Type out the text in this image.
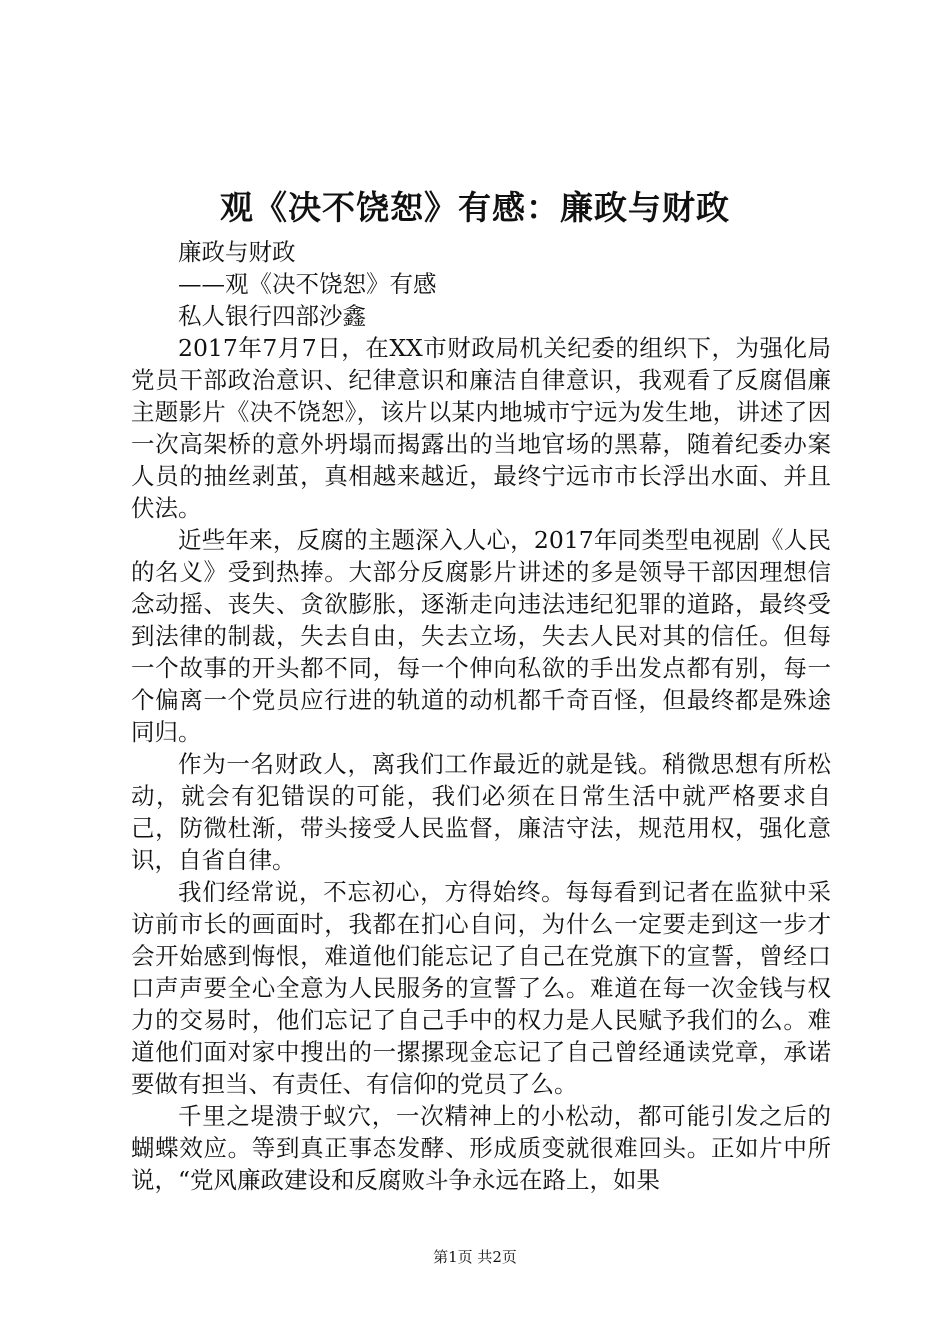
观《决不饶恕》有感：廉政与财政

廉政与财政

——观《决不饶恕》有感

私人银行四部沙鑫

2017年7月7日，在XX市财政局机关纪委的组织下，为强化局党员干部政治意识、纪律意识和廉洁自律意识，我观看了反腐倡廉主题影片《决不饶恕》，该片以某内地城市宁远为发生地，讲述了因一次高架桥的意外坍塌而揭露出的当地官场的黑幕，随着纪委办案人员的抽丝剥茧，真相越来越近，最终宁远市市长浮出水面、并且伏法。

近些年来，反腐的主题深入人心，2017年同类型电视剧《人民的名义》受到热捧。大部分反腐影片讲述的多是领导干部因理想信念动摇、丧失、贪欲膨胀，逐渐走向违法违纪犯罪的道路，最终受到法律的制裁，失去自由，失去立场，失去人民对其的信任。但每一个故事的开头都不同，每一个伸向私欲的手出发点都有别，每一个偏离一个党员应行进的轨道的动机都千奇百怪，但最终都是殊途同归。

作为一名财政人，离我们工作最近的就是钱。稍微思想有所松动，就会有犯错误的可能，我们必须在日常生活中就严格要求自己，防微杜渐，带头接受人民监督，廉洁守法，规范用权，强化意识，自省自律。

我们经常说，不忘初心，方得始终。每每看到记者在监狱中采访前市长的画面时，我都在扪心自问，为什么一定要走到这一步才会开始感到悔恨，难道他们能忘记了自己在党旗下的宣誓，曾经口口声声要全心全意为人民服务的宣誓了么。难道在每一次金钱与权力的交易时，他们忘记了自己手中的权力是人民赋予我们的么。难道他们面对家中搜出的一摞摞现金忘记了自己曾经通读党章，承诺要做有担当、有责任、有信仰的党员了么。

千里之堤溃于蚁穴，一次精神上的小松动，都可能引发之后的蝴蝶效应。等到真正事态发酵、形成质变就很难回头。正如片中所说，“党风廉政建设和反腐败斗争永远在路上，如果

第1页 共2页
